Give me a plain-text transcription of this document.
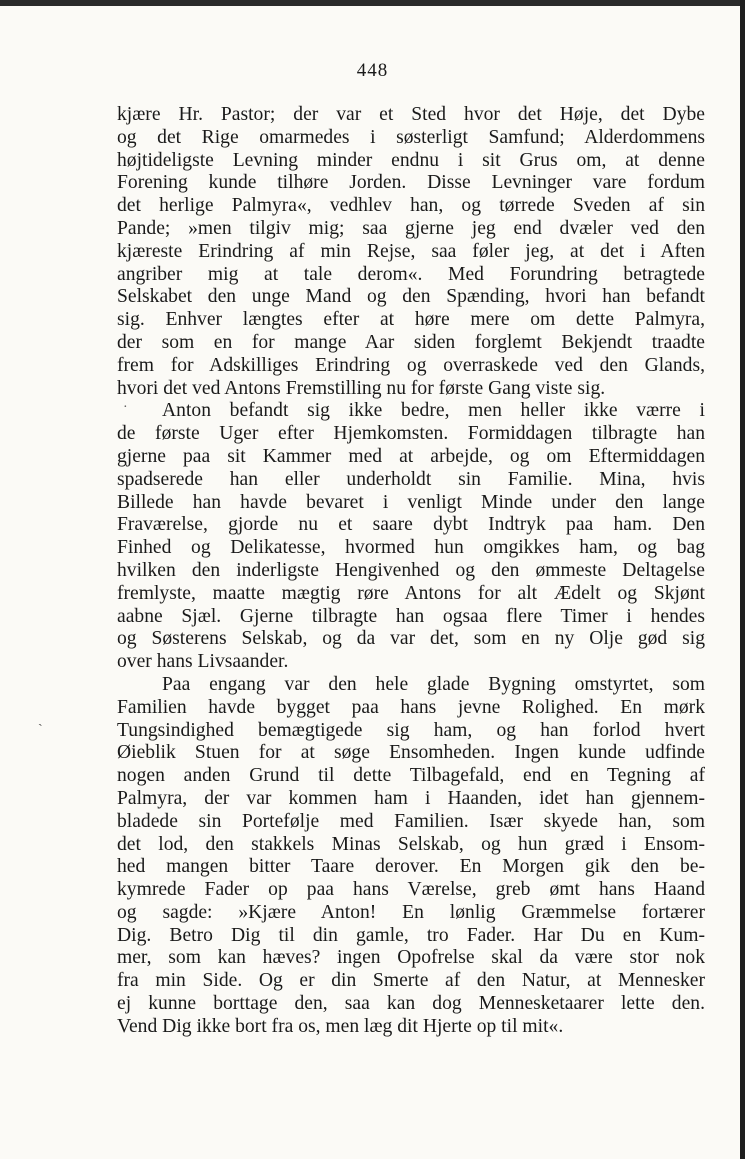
448
kjære Hr. Pastor; der var et Sted hvor det Høje, det Dybe
og det Rige omarmedes i søsterligt Samfund; Alderdommens
højtideligste Levning minder endnu i sit Grus om, at denne
Forening kunde tilhøre Jorden. Disse Levninger vare fordum
det herlige Palmyra«, vedhlev han, og tørrede Sveden af sin
Pande; »men tilgiv mig; saa gjerne jeg end dvæler ved den
kjæreste Erindring af min Rejse, saa føler jeg, at det i Aften
angriber mig at tale derom«. Med Forundring betragtede
Selskabet den unge Mand og den Spænding, hvori han befandt
sig. Enhver længtes efter at høre mere om dette Palmyra,
der som en for mange Aar siden forglemt Bekjendt traadte
frem for Adskilliges Erindring og overraskede ved den Glands,
hvori det ved Antons Fremstilling nu for første Gang viste sig.
Anton befandt sig ikke bedre, men heller ikke værre i
de første Uger efter Hjemkomsten. Formiddagen tilbragte han
gjerne paa sit Kammer med at arbejde, og om Eftermiddagen
spadserede han eller underholdt sin Familie. Mina, hvis
Billede han havde bevaret i venligt Minde under den lange
Fraværelse, gjorde nu et saare dybt Indtryk paa ham. Den
Finhed og Delikatesse, hvormed hun omgikkes ham, og bag
hvilken den inderligste Hengivenhed og den ømmeste Deltagelse
fremlyste, maatte mægtig røre Antons for alt Ædelt og Skjønt
aabne Sjæl. Gjerne tilbragte han ogsaa flere Timer i hendes
og Søsterens Selskab, og da var det, som en ny Olje gød sig
over hans Livsaander.
Paa engang var den hele glade Bygning omstyrtet, som
Familien havde bygget paa hans jevne Rolighed. En mørk
Tungsindighed bemægtigede sig ham, og han forlod hvert
Øieblik Stuen for at søge Ensomheden. Ingen kunde udfinde
nogen anden Grund til dette Tilbagefald, end en Tegning af
Palmyra, der var kommen ham i Haanden, idet han gjennem-
bladede sin Portefølje med Familien. Især skyede han, som
det lod, den stakkels Minas Selskab, og hun græd i Ensom-
hed mangen bitter Taare derover. En Morgen gik den be-
kymrede Fader op paa hans Værelse, greb ømt hans Haand
og sagde: »Kjære Anton! En lønlig Græmmelse fortærer
Dig. Betro Dig til din gamle, tro Fader. Har Du en Kum-
mer, som kan hæves? ingen Opofrelse skal da være stor nok
fra min Side. Og er din Smerte af den Natur, at Mennesker
ej kunne borttage den, saa kan dog Mennesketaarer lette den.
Vend Dig ikke bort fra os, men læg dit Hjerte op til mit«.
·
ˎ
